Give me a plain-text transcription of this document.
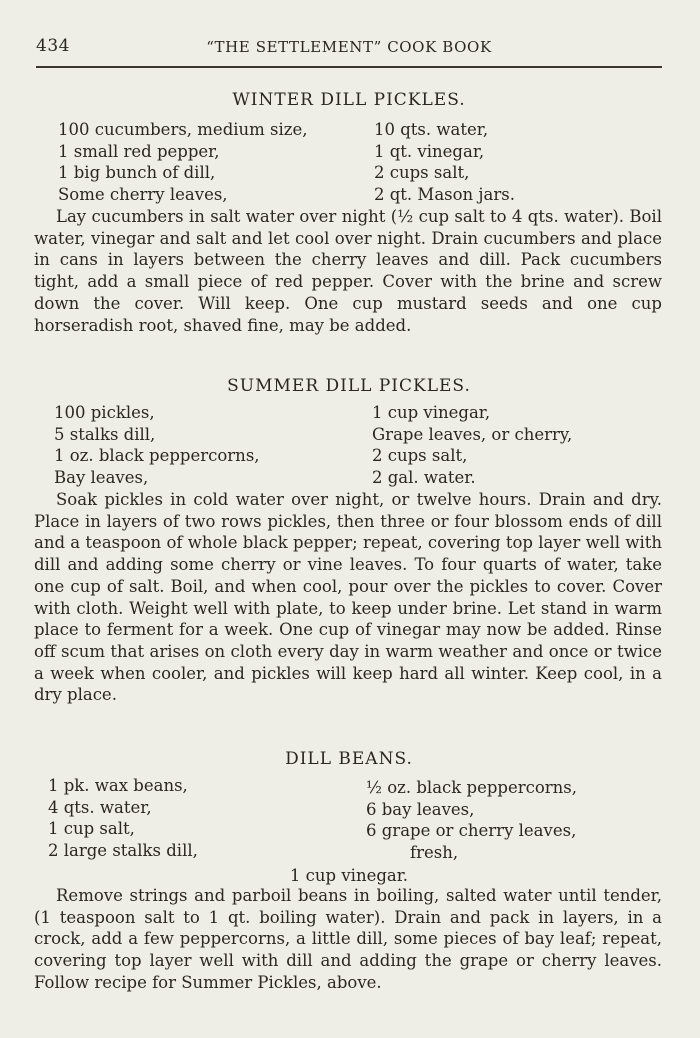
434	“THE SETTLEMENT” COOK BOOK
WINTER DILL PICKLES.
100 cucumbers, medium size,
1 small red pepper,
1 big bunch of dill,
Some cherry leaves,
10 qts. water,
1 qt. vinegar,
2 cups salt,
2 qt. Mason jars.
Lay cucumbers in salt water over night (½ cup salt to 4 qts. water). Boil water, vinegar and salt and let cool over night. Drain cucumbers and place in cans in layers between the cherry leaves and dill. Pack cucumbers tight, add a small piece of red pepper. Cover with the brine and screw down the cover. Will keep. One cup mustard seeds and one cup horseradish root, shaved fine, may be added.
SUMMER DILL PICKLES.
100 pickles,
5 stalks dill,
1 oz. black peppercorns,
Bay leaves,
1 cup vinegar,
Grape leaves, or cherry,
2 cups salt,
2 gal. water.
Soak pickles in cold water over night, or twelve hours. Drain and dry. Place in layers of two rows pickles, then three or four blossom ends of dill and a teaspoon of whole black pepper; repeat, covering top layer well with dill and adding some cherry or vine leaves. To four quarts of water, take one cup of salt. Boil, and when cool, pour over the pickles to cover. Cover with cloth. Weight well with plate, to keep under brine. Let stand in warm place to ferment for a week. One cup of vinegar may now be added. Rinse off scum that arises on cloth every day in warm weather and once or twice a week when cooler, and pickles will keep hard all winter. Keep cool, in a dry place.
DILL BEANS.
1 pk. wax beans,
4 qts. water,
1 cup salt,
2 large stalks dill,
½ oz. black peppercorns,
6 bay leaves,
6 grape or cherry leaves,
fresh,
1 cup vinegar.
Remove strings and parboil beans in boiling, salted water until tender, (1 teaspoon salt to 1 qt. boiling water). Drain and pack in layers, in a crock, add a few peppercorns, a little dill, some pieces of bay leaf; repeat, covering top layer well with dill and adding the grape or cherry leaves. Follow recipe for Summer Pickles, above.
